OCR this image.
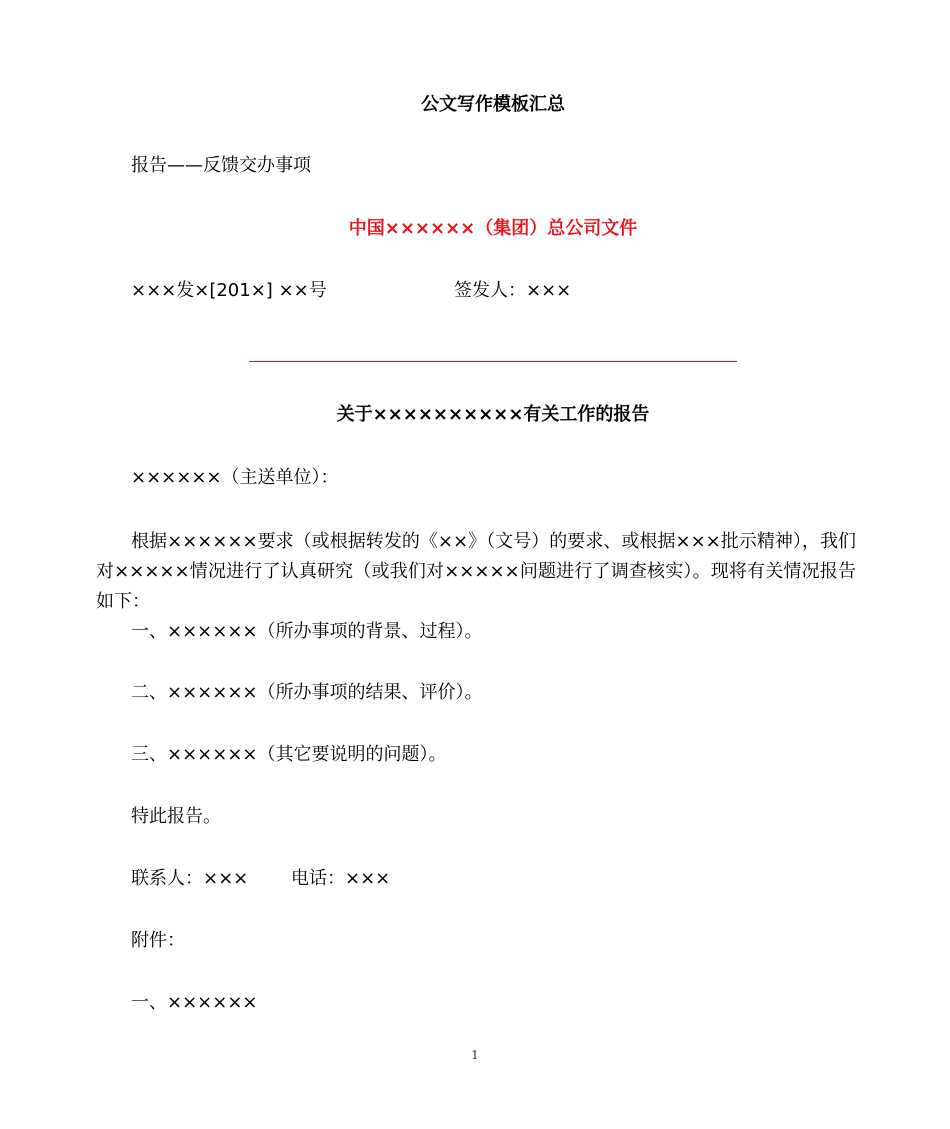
公文写作模板汇总
报告——反馈交办事项
中国××××××（集团）总公司文件
×××发×[201×] ××号	签发人：×××
关于××××××××××有关工作的报告
××××××（主送单位）：
根据××××××要求（或根据转发的《××》（文号）的要求、或根据×××批示精神），我们对×××××情况进行了认真研究（或我们对×××××问题进行了调查核实）。现将有关情况报告如下：
一、××××××（所办事项的背景、过程）。
二、××××××（所办事项的结果、评价）。
三、××××××（其它要说明的问题）。
特此报告。
联系人：××× 电话：×××
附件：
一、××××××
1
